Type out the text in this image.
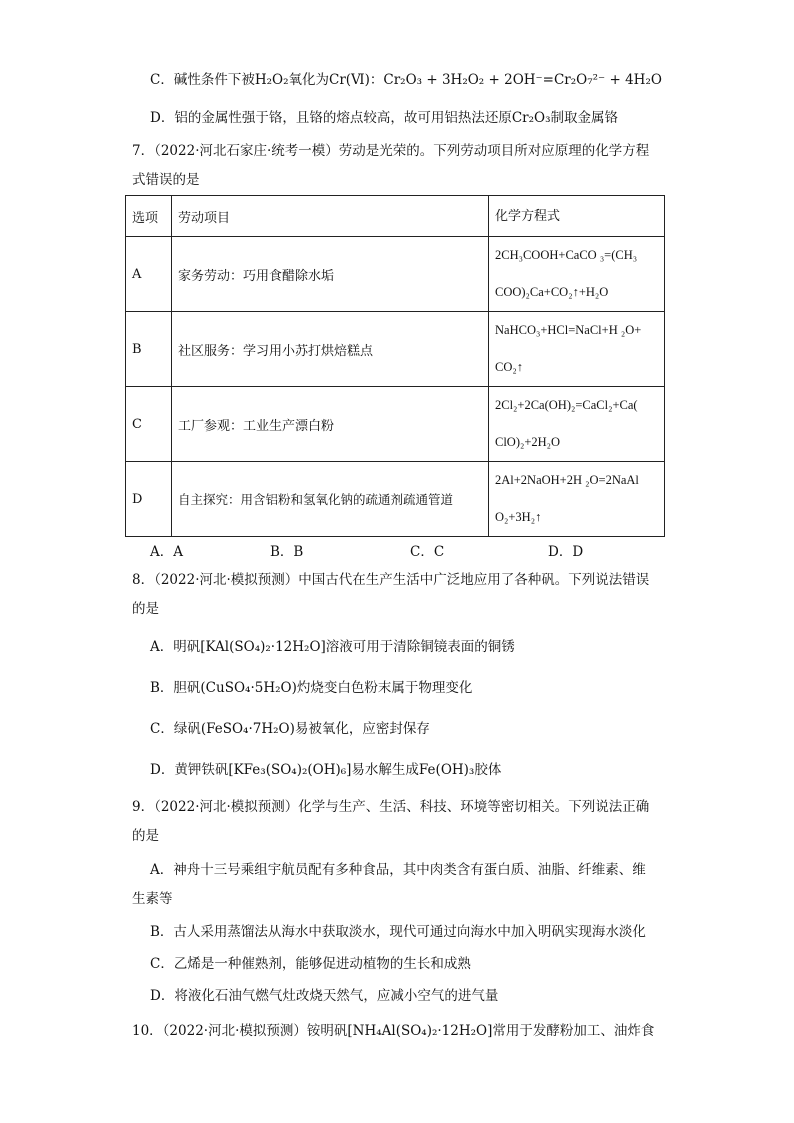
C．碱性条件下被H₂O₂氧化为Cr(Ⅵ)：Cr₂O₃ + 3H₂O₂ + 2OH⁻=Cr₂O₇²⁻ + 4H₂O
D．铝的金属性强于铬，且铬的熔点较高，故可用铝热法还原Cr₂O₃制取金属铬
7．（2022·河北石家庄·统考一模）劳动是光荣的。下列劳动项目所对应原理的化学方程
式错误的是
选项	劳动项目	化学方程式
A	家务劳动：巧用食醋除水垢	2CH₃COOH+CaCO ₃=(CH₃
COO)₂Ca+CO₂↑+H₂O

B	社区服务：学习用小苏打烘焙糕点	NaHCO₃+HCl=NaCl+H ₂O+
CO₂↑

C	工厂参观：工业生产漂白粉	2Cl₂+2Ca(OH)₂=CaCl₂+Ca(
ClO)₂+2H₂O

D	自主探究：用含铝粉和氢氧化钠的疏通剂疏通管道	2Al+2NaOH+2H ₂O=2NaAl
O₂+3H₂↑
A．A	B．B	C．C	D．D
8．（2022·河北·模拟预测）中国古代在生产生活中广泛地应用了各种矾。下列说法错误
的是
A．明矾[KAl(SO₄)₂·12H₂O]溶液可用于清除铜镜表面的铜锈
B．胆矾(CuSO₄·5H₂O)灼烧变白色粉末属于物理变化
C．绿矾(FeSO₄·7H₂O)易被氧化，应密封保存
D．黄钾铁矾[KFe₃(SO₄)₂(OH)₆]易水解生成Fe(OH)₃胶体
9．（2022·河北·模拟预测）化学与生产、生活、科技、环境等密切相关。下列说法正确
的是
A．神舟十三号乘组宇航员配有多种食品，其中肉类含有蛋白质、油脂、纤维素、维
生素等
B．古人采用蒸馏法从海水中获取淡水，现代可通过向海水中加入明矾实现海水淡化
C．乙烯是一种催熟剂，能够促进动植物的生长和成熟
D．将液化石油气燃气灶改烧天然气，应减小空气的进气量
10．（2022·河北·模拟预测）铵明矾[NH₄Al(SO₄)₂·12H₂O]常用于发酵粉加工、油炸食
